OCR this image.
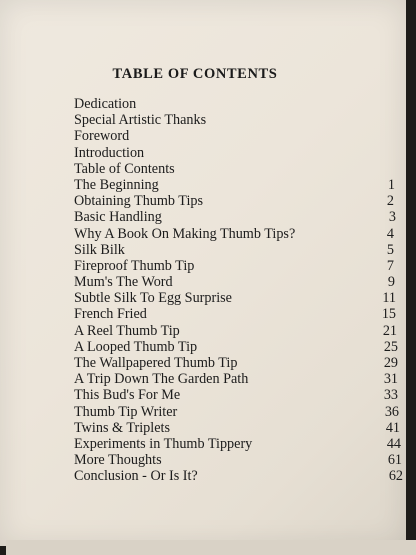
TABLE OF CONTENTS
Dedication
Special Artistic Thanks
Foreword
Introduction
Table of Contents
The Beginning	1
Obtaining Thumb Tips	2
Basic Handling	3
Why A Book On Making Thumb Tips?	4
Silk Bilk	5
Fireproof Thumb Tip	7
Mum's The Word	9
Subtle Silk To Egg Surprise	11
French Fried	15
A Reel Thumb Tip	21
A Looped Thumb Tip	25
The Wallpapered Thumb Tip	29
A Trip Down The Garden Path	31
This Bud's For Me	33
Thumb Tip Writer	36
Twins & Triplets	41
Experiments in Thumb Tippery	44
More Thoughts	61
Conclusion - Or Is It?	62
